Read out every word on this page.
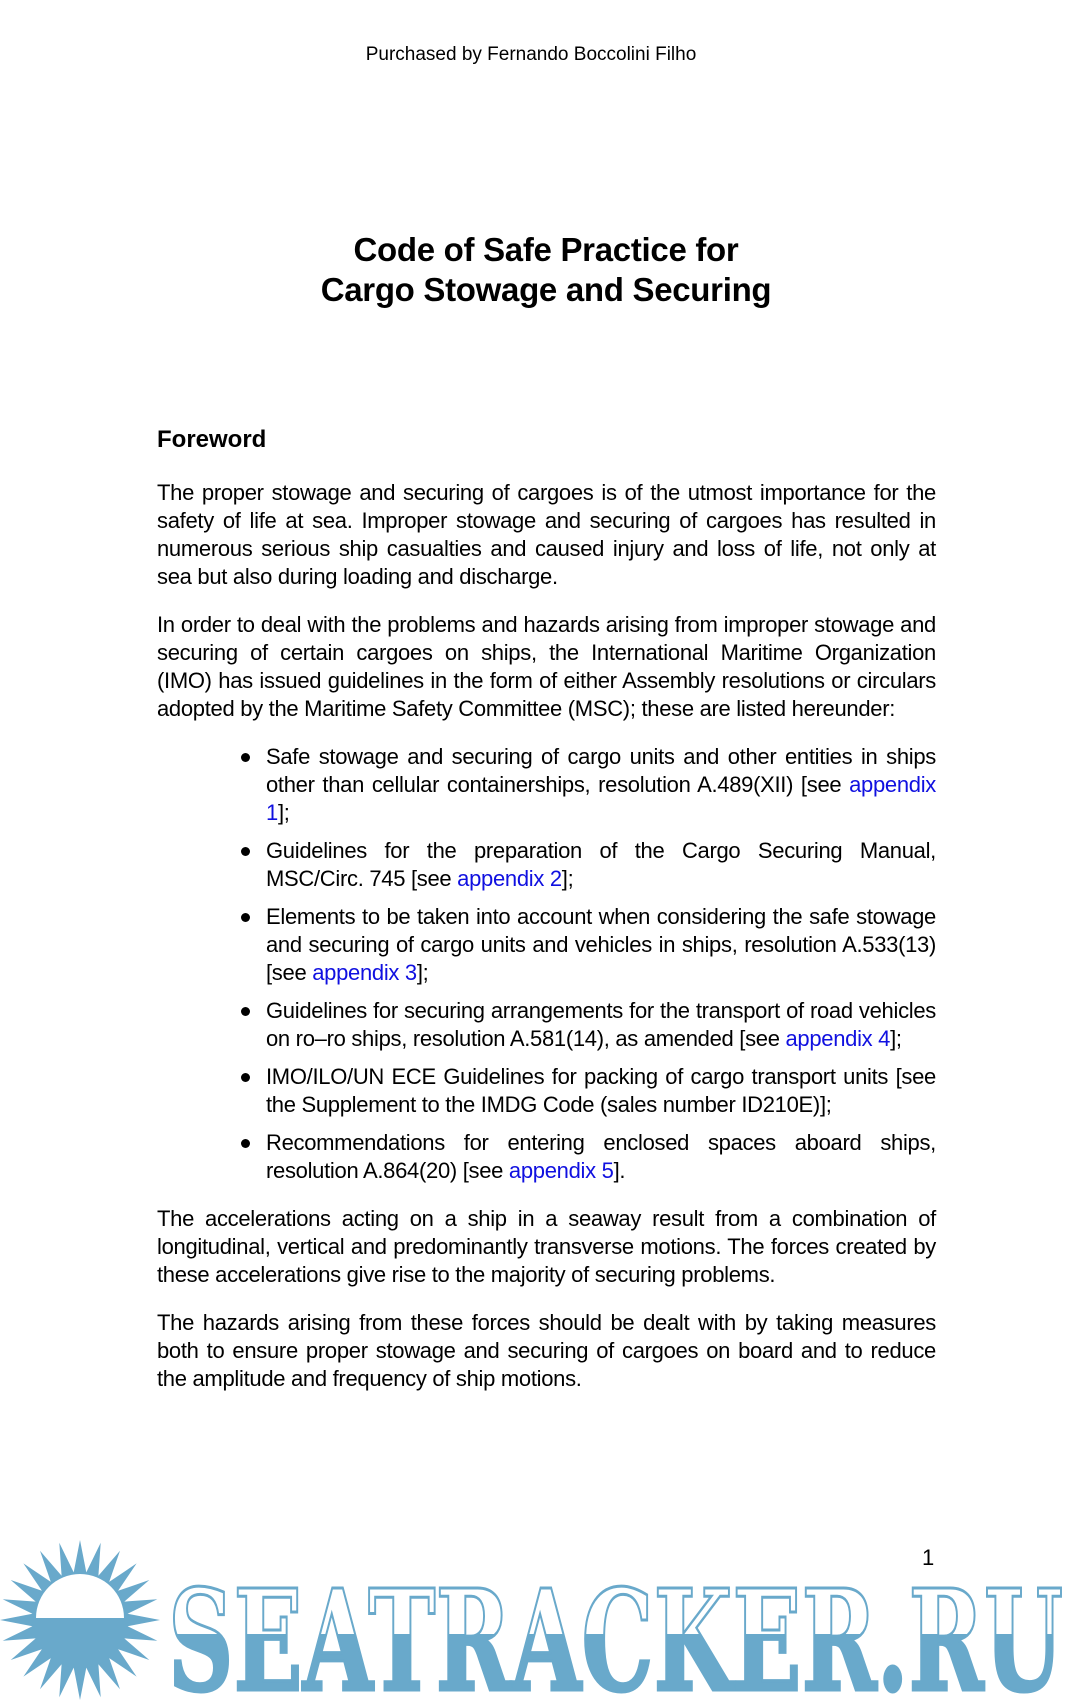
Purchased by Fernando Boccolini Filho
Code of Safe Practice for
Cargo Stowage and Securing
Foreword

The proper stowage and securing of cargoes is of the utmost importance for the safety of life at sea. Improper stowage and securing of cargoes has resulted in numerous serious ship casualties and caused injury and loss of life, not only at sea but also during loading and discharge.

In order to deal with the problems and hazards arising from improper stowage and securing of certain cargoes on ships, the International Maritime Organization (IMO) has issued guidelines in the form of either Assembly resolutions or circulars adopted by the Maritime Safety Committee (MSC); these are listed hereunder:

Safe stowage and securing of cargo units and other entities in ships other than cellular containerships, resolution A.489(XII) [see appendix 1];
Guidelines for the preparation of the Cargo Securing Manual, MSC/Circ. 745 [see appendix 2];
Elements to be taken into account when considering the safe stowage and securing of cargo units and vehicles in ships, resolution A.533(13) [see appendix 3];
Guidelines for securing arrangements for the transport of road vehicles on ro–ro ships, resolution A.581(14), as amended [see appendix 4];
IMO/ILO/UN ECE Guidelines for packing of cargo transport units [see the Supplement to the IMDG Code (sales number ID210E)];
Recommendations for entering enclosed spaces aboard ships, resolution A.864(20) [see appendix 5].

The accelerations acting on a ship in a seaway result from a combination of longitudinal, vertical and predominantly transverse motions. The forces created by these accelerations give rise to the majority of securing problems.

The hazards arising from these forces should be dealt with by taking measures both to ensure proper stowage and securing of cargoes on board and to reduce the amplitude and frequency of ship motions.

SEATRACKER.RU
1
